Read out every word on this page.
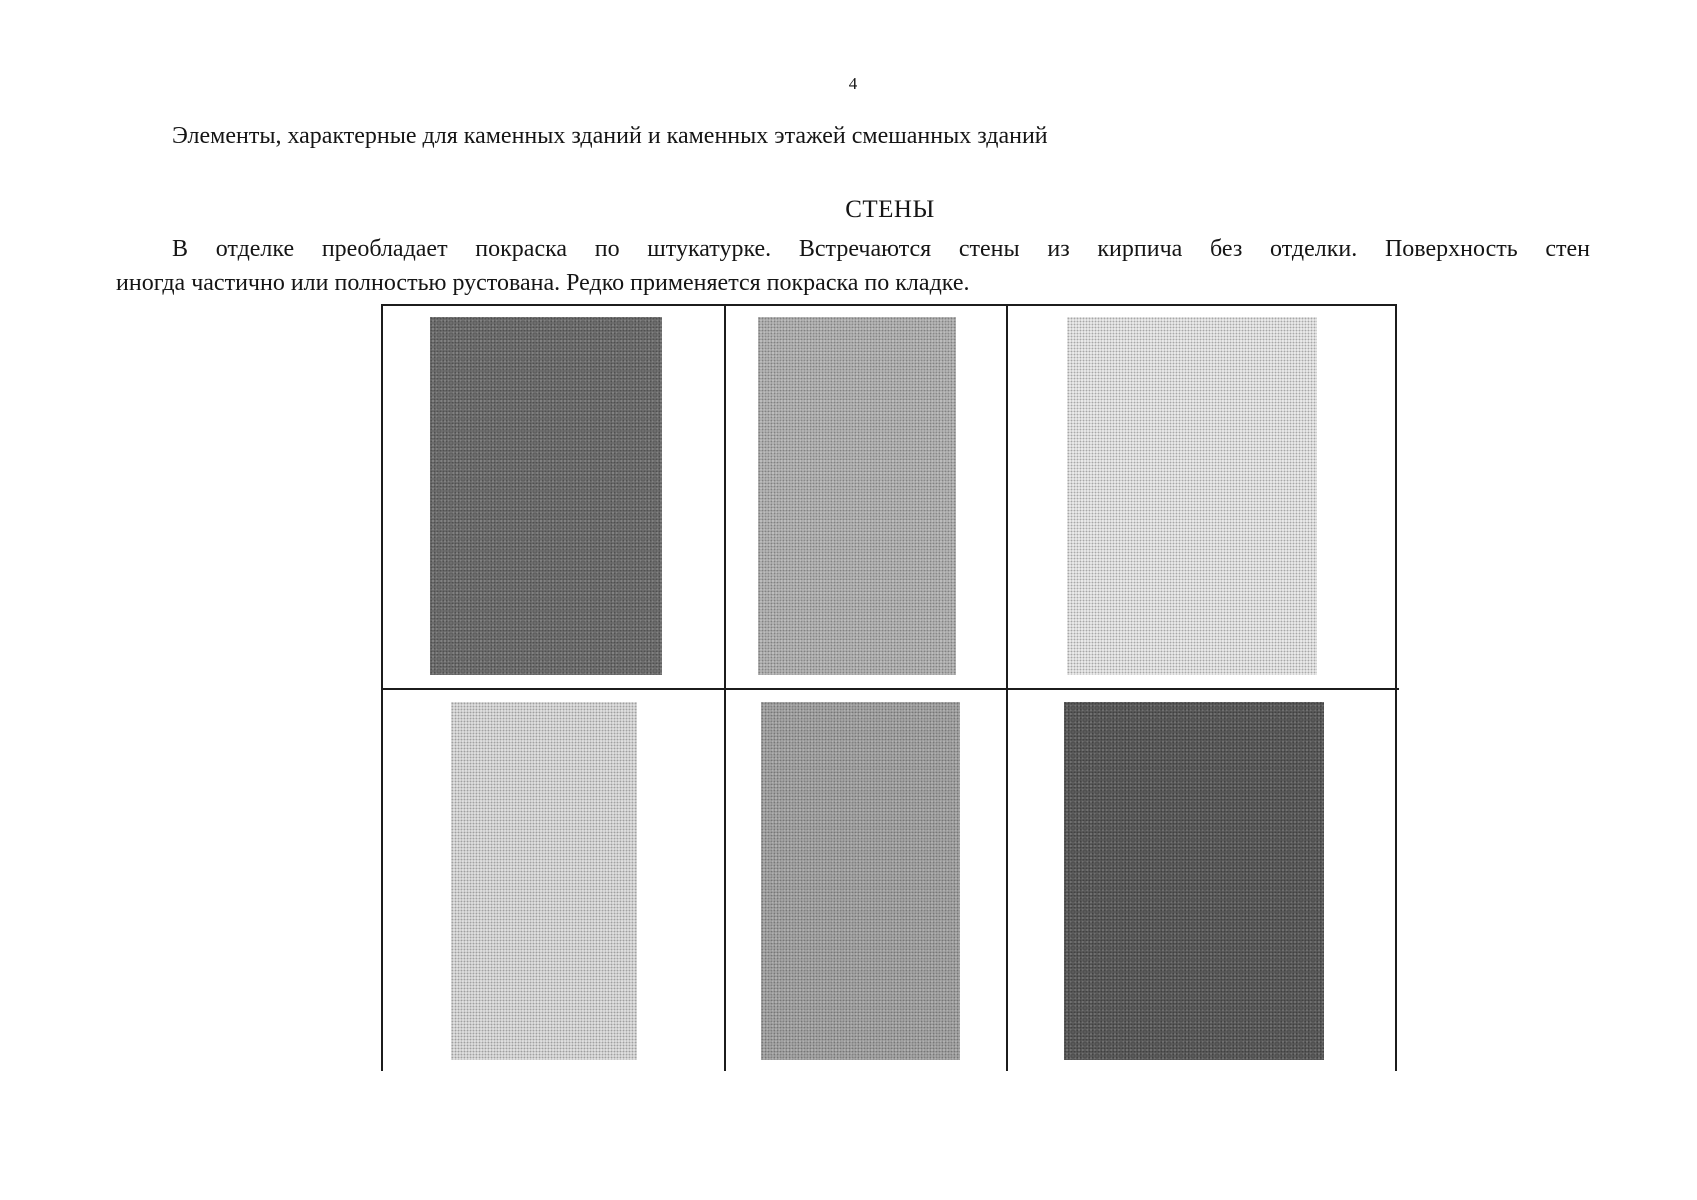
4
Элементы, характерные для каменных зданий и каменных этажей смешанных зданий
СТЕНЫ

В отделке преобладает покраска по штукатурке. Встречаются стены из кирпича без отделки. Поверхность стен
иногда частично или полностью рустована. Редко применяется покраска по кладке.
